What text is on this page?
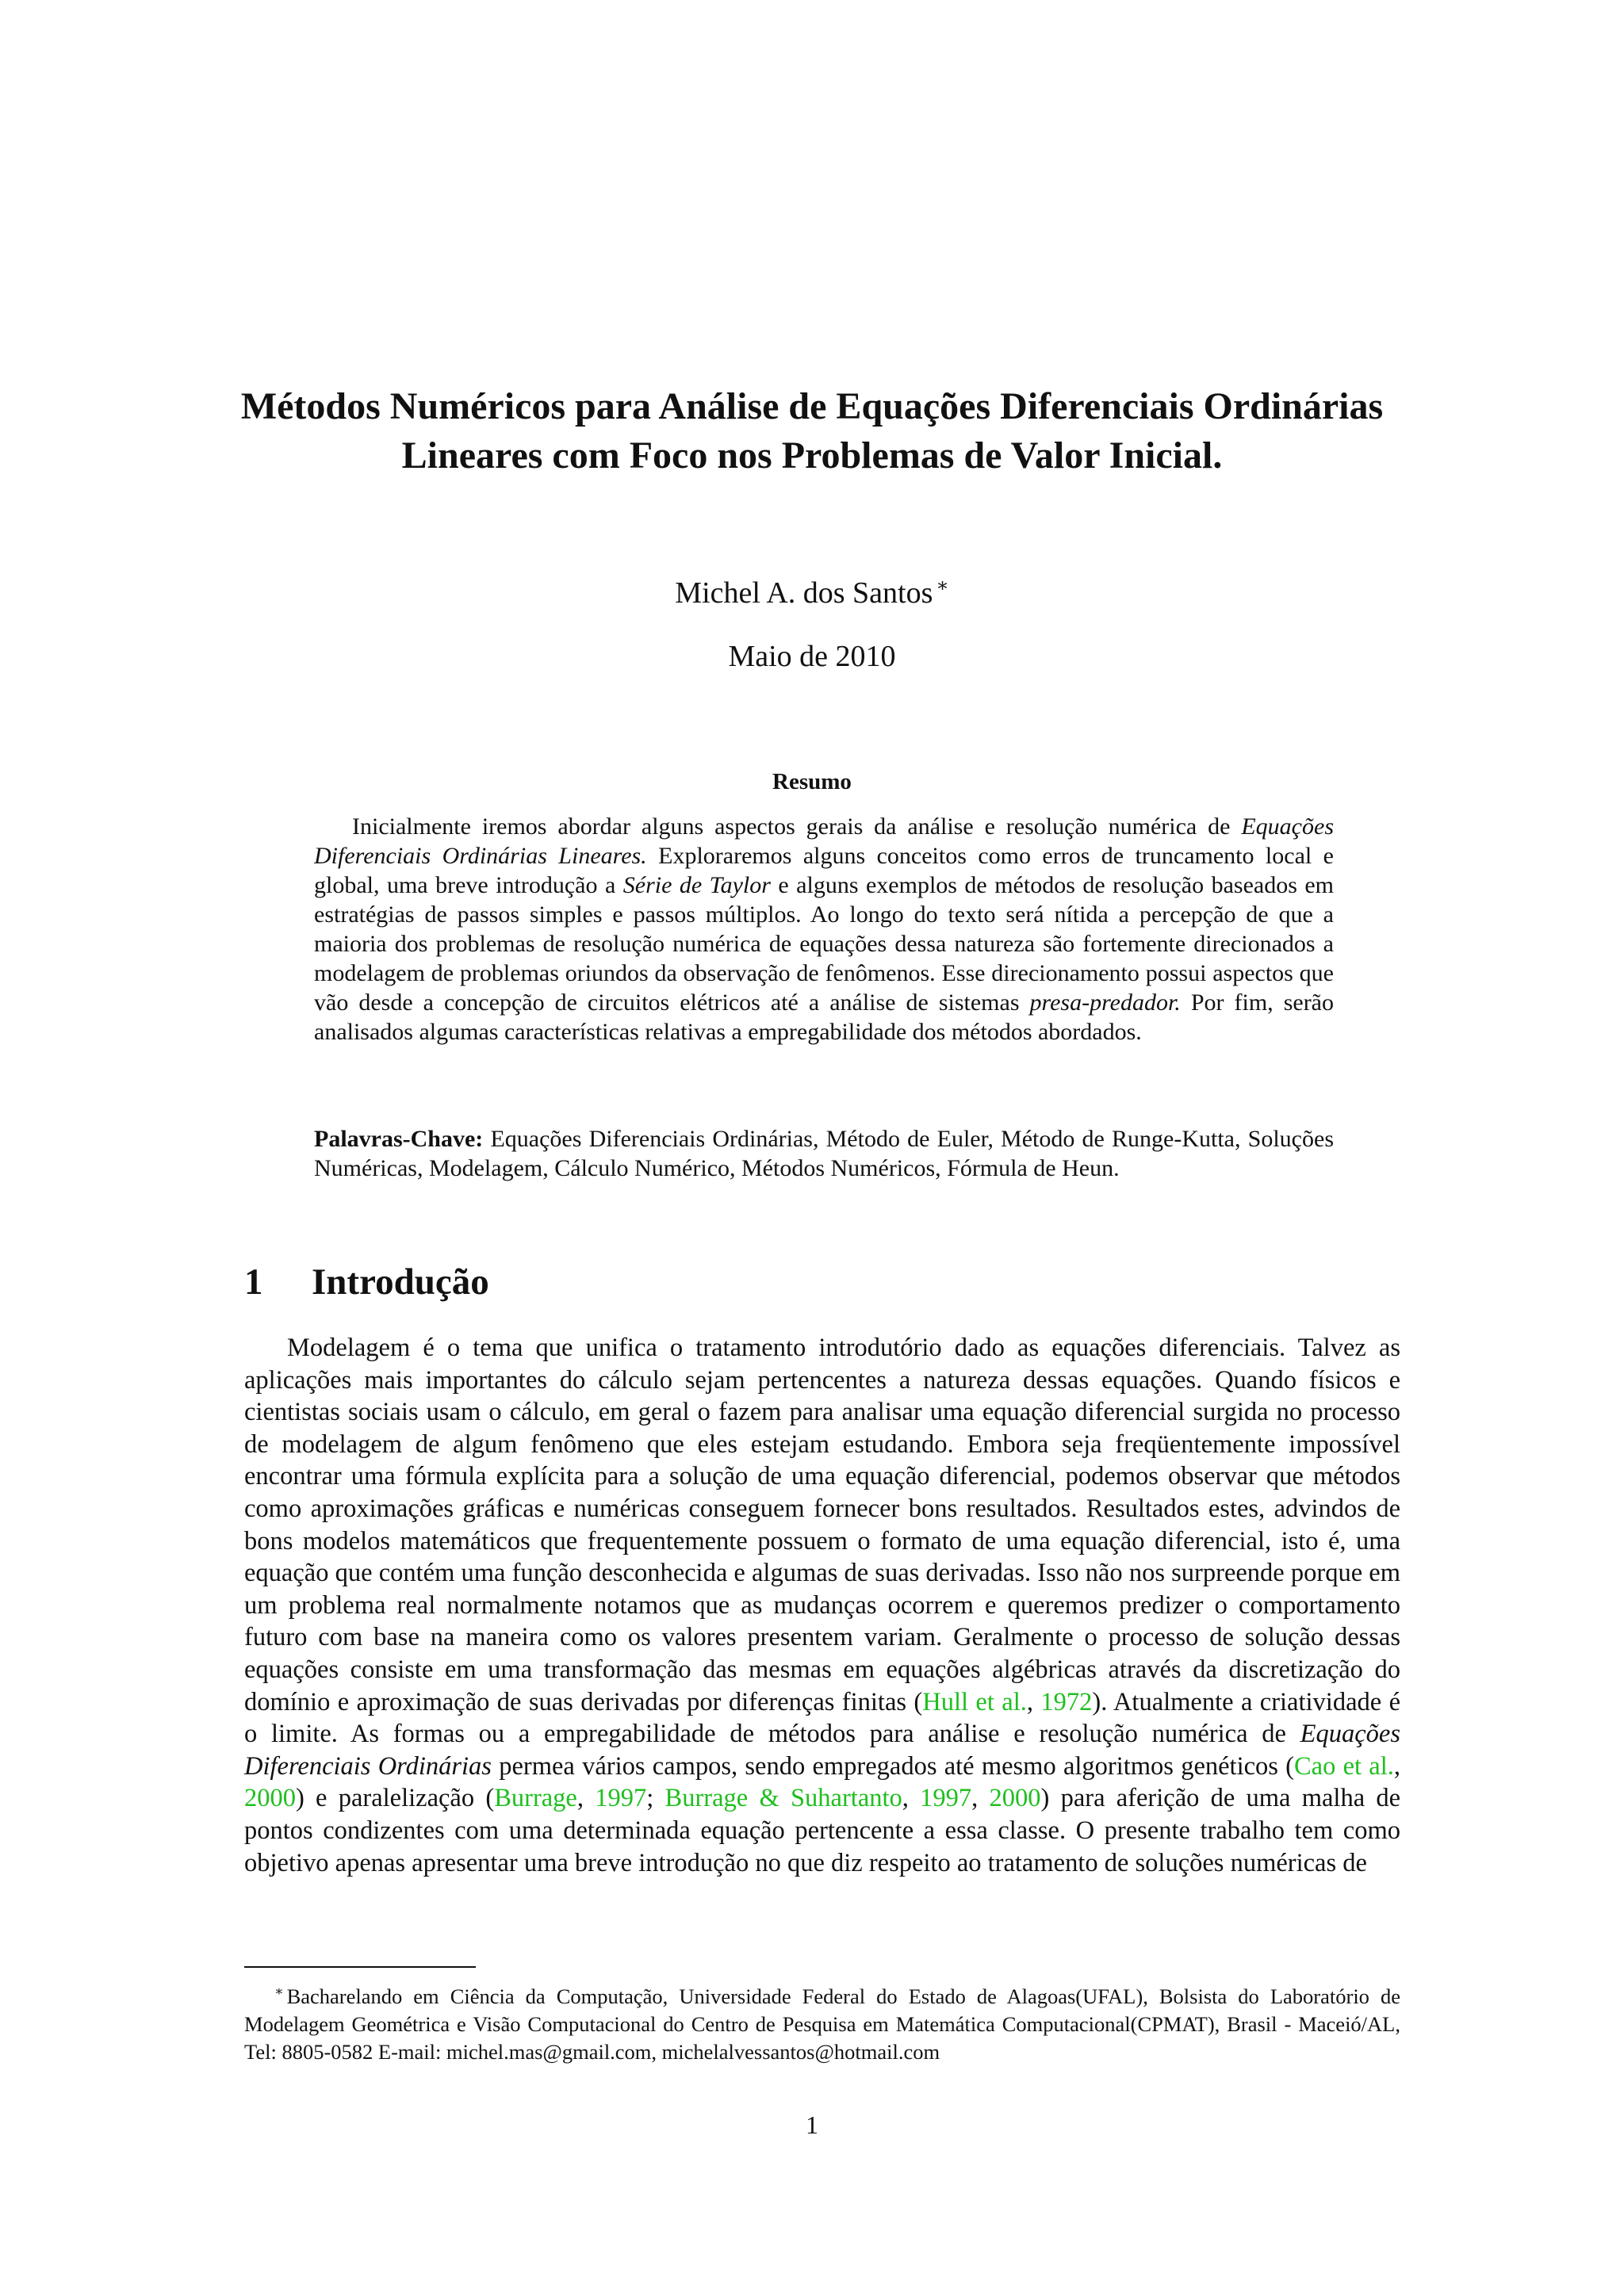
Métodos Numéricos para Análise de Equações Diferenciais Ordinárias Lineares com Foco nos Problemas de Valor Inicial.
Michel A. dos Santos ∗
Maio de 2010
Resumo
Inicialmente iremos abordar alguns aspectos gerais da análise e resolução numérica de Equações Diferenciais Ordinárias Lineares. Exploraremos alguns conceitos como erros de truncamento local e global, uma breve introdução a Série de Taylor e alguns exemplos de métodos de resolução baseados em estratégias de passos simples e passos múltiplos. Ao longo do texto será nítida a percepção de que a maioria dos problemas de resolução numérica de equações dessa natureza são fortemente direcionados a modelagem de problemas oriundos da observação de fenômenos. Esse direcionamento possui aspectos que vão desde a concepção de circuitos elétricos até a análise de sistemas presa-predador. Por fim, serão analisados algumas características relativas a empregabilidade dos métodos abordados.
Palavras-Chave: Equações Diferenciais Ordinárias, Método de Euler, Método de Runge-Kutta, Soluções Numéricas, Modelagem, Cálculo Numérico, Métodos Numéricos, Fórmula de Heun.
1 Introdução
Modelagem é o tema que unifica o tratamento introdutório dado as equações diferenciais. Talvez as aplicações mais importantes do cálculo sejam pertencentes a natureza dessas equações. Quando físicos e cientistas sociais usam o cálculo, em geral o fazem para analisar uma equação diferencial surgida no processo de modelagem de algum fenômeno que eles estejam estudando. Embora seja freqüentemente impossível encontrar uma fórmula explícita para a solução de uma equação diferencial, podemos observar que métodos como aproximações gráficas e numéricas conseguem fornecer bons resultados. Resultados estes, advindos de bons modelos matemáticos que frequentemente possuem o formato de uma equação diferencial, isto é, uma equação que contém uma função desconhecida e algumas de suas derivadas. Isso não nos surpreende porque em um problema real normalmente notamos que as mudanças ocorrem e queremos predizer o comportamento futuro com base na maneira como os valores presentem variam. Geralmente o processo de solução dessas equações consiste em uma transformação das mesmas em equações algébricas através da discretização do domínio e aproximação de suas derivadas por diferenças finitas (Hull et al., 1972). Atualmente a criatividade é o limite. As formas ou a empregabilidade de métodos para análise e resolução numérica de Equações Diferenciais Ordinárias permea vários campos, sendo empregados até mesmo algoritmos genéticos (Cao et al., 2000) e paralelização (Burrage, 1997; Burrage & Suhartanto, 1997, 2000) para aferição de uma malha de pontos condizentes com uma determinada equação pertencente a essa classe. O presente trabalho tem como objetivo apenas apresentar uma breve introdução no que diz respeito ao tratamento de soluções numéricas de
∗ Bacharelando em Ciência da Computação, Universidade Federal do Estado de Alagoas(UFAL), Bolsista do Laboratório de Modelagem Geométrica e Visão Computacional do Centro de Pesquisa em Matemática Computacional(CPMAT), Brasil - Maceió/AL, Tel: 8805-0582 E-mail: michel.mas@gmail.com, michelalvessantos@hotmail.com
1
